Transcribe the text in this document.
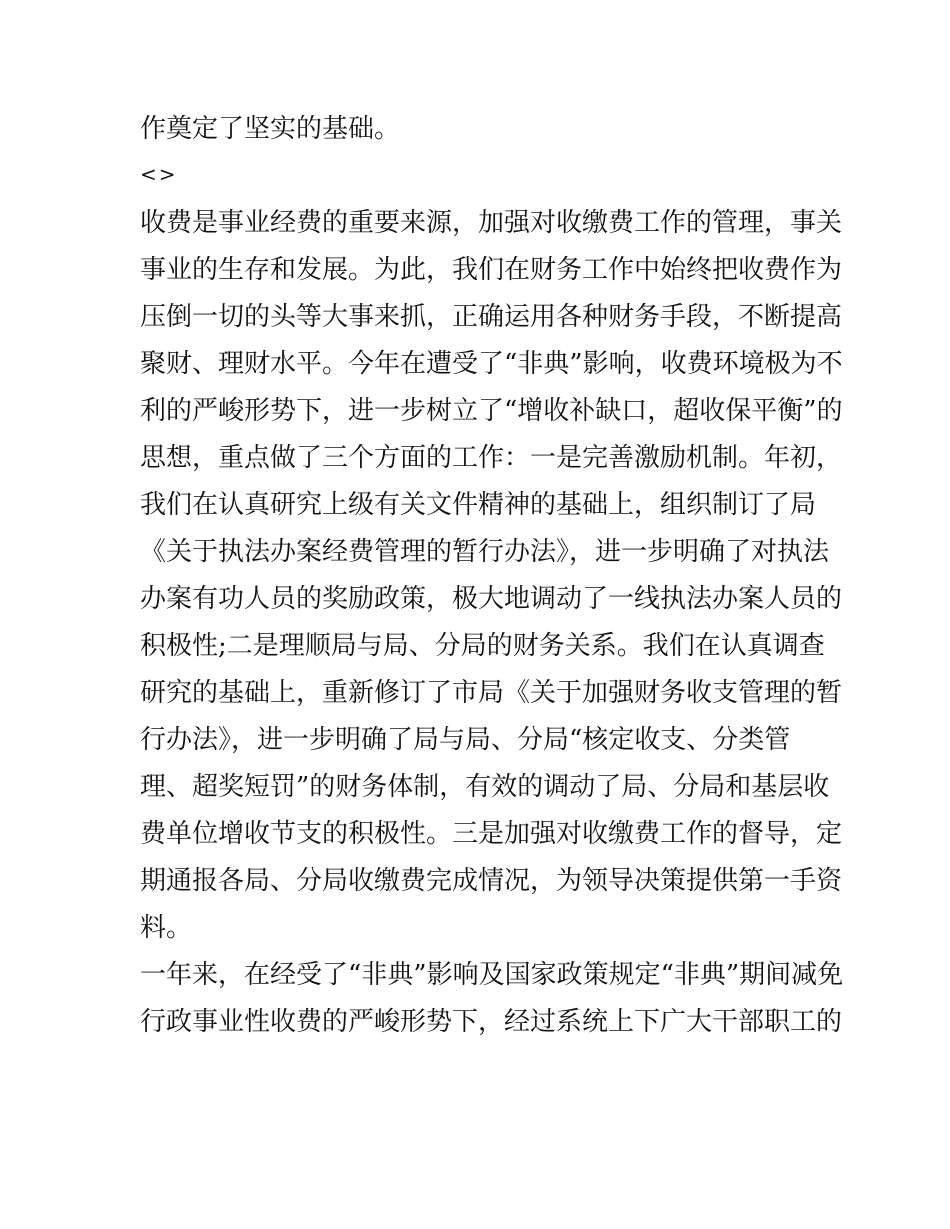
作奠定了坚实的基础。
<>
收费是事业经费的重要来源，加强对收缴费工作的管理，事关
事业的生存和发展。为此，我们在财务工作中始终把收费作为
压倒一切的头等大事来抓，正确运用各种财务手段，不断提高
聚财、理财水平。今年在遭受了“非典”影响，收费环境极为不
利的严峻形势下，进一步树立了“增收补缺口，超收保平衡”的
思想，重点做了三个方面的工作：一是完善激励机制。年初，
我们在认真研究上级有关文件精神的基础上，组织制订了局
《关于执法办案经费管理的暂行办法》，进一步明确了对执法
办案有功人员的奖励政策，极大地调动了一线执法办案人员的
积极性;二是理顺局与局、分局的财务关系。我们在认真调查
研究的基础上，重新修订了市局《关于加强财务收支管理的暂
行办法》，进一步明确了局与局、分局“核定收支、分类管
理、超奖短罚”的财务体制，有效的调动了局、分局和基层收
费单位增收节支的积极性。三是加强对收缴费工作的督导，定
期通报各局、分局收缴费完成情况，为领导决策提供第一手资
料。
一年来，在经受了“非典”影响及国家政策规定“非典”期间减免
行政事业性收费的严峻形势下，经过系统上下广大干部职工的
